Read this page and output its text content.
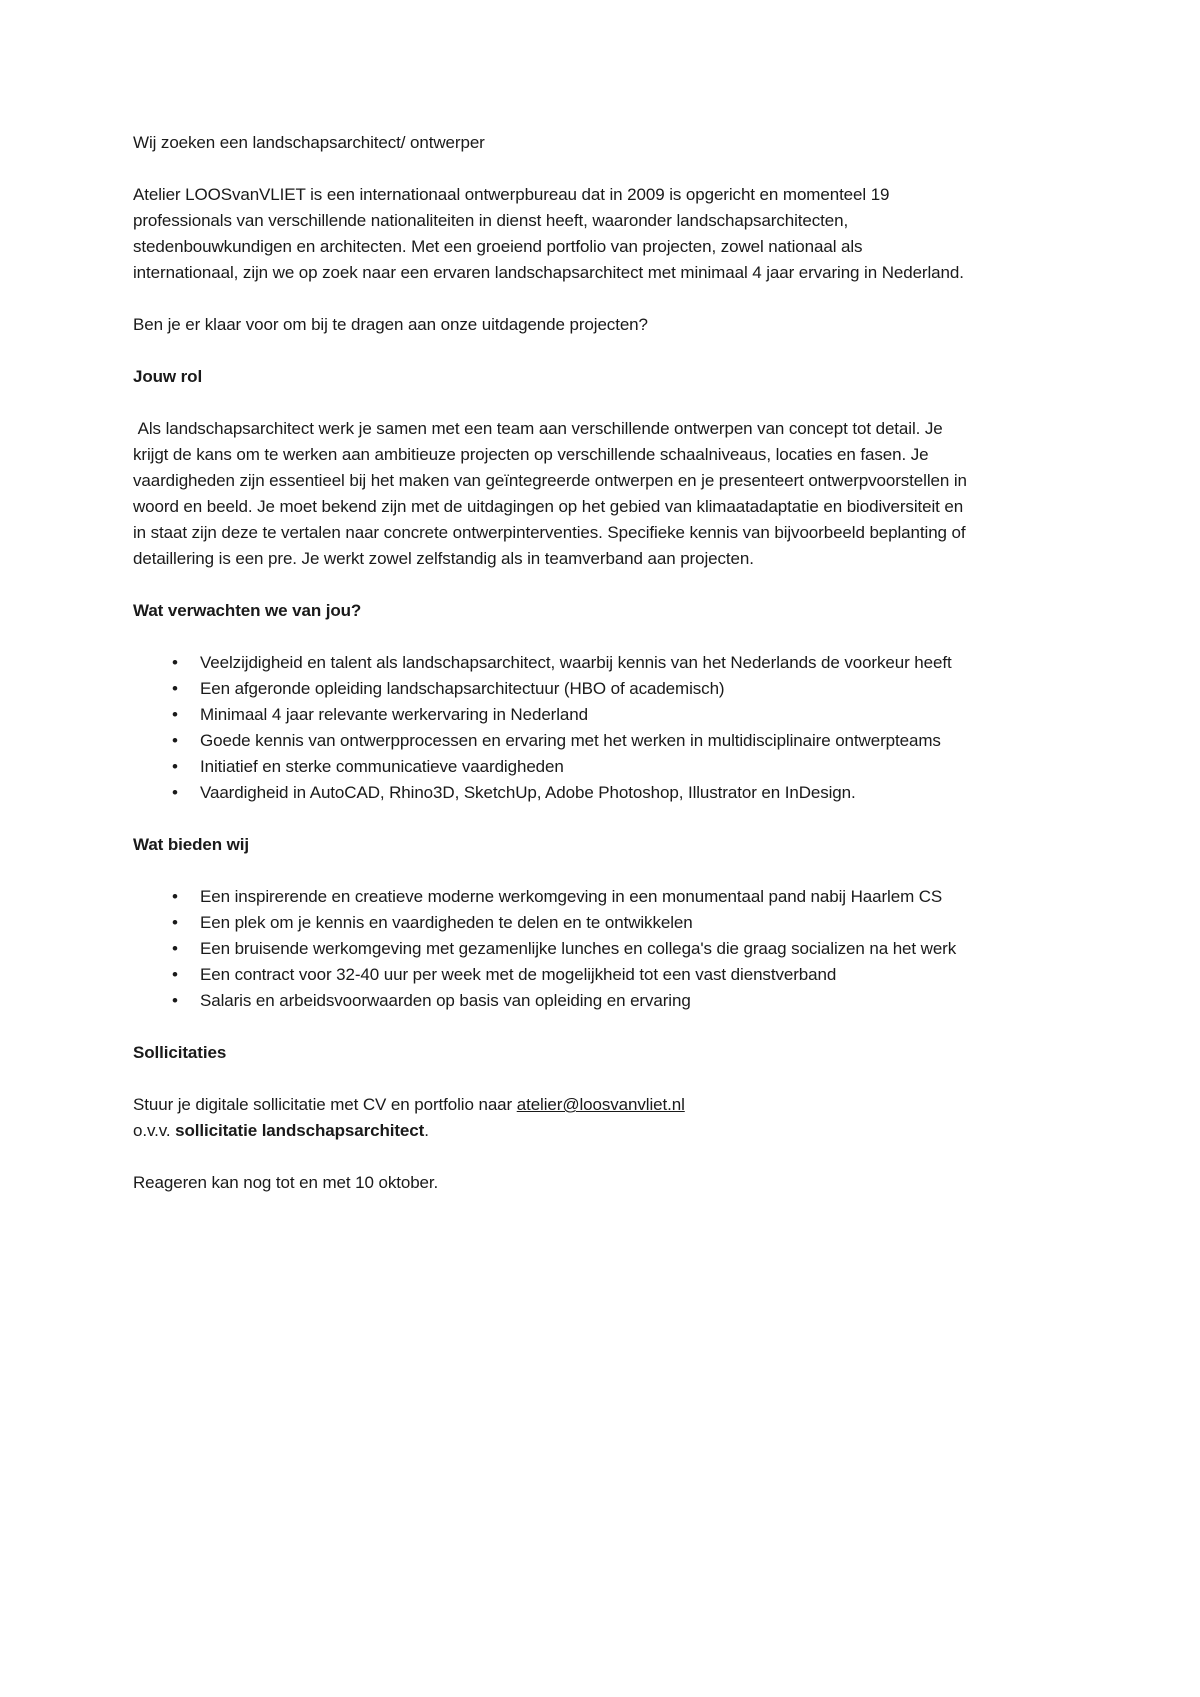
Wij zoeken een landschapsarchitect/ ontwerper

Atelier LOOSvanVLIET is een internationaal ontwerpbureau dat in 2009 is opgericht en momenteel 19 professionals van verschillende nationaliteiten in dienst heeft, waaronder landschapsarchitecten, stedenbouwkundigen en architecten. Met een groeiend portfolio van projecten, zowel nationaal als internationaal, zijn we op zoek naar een ervaren landschapsarchitect met minimaal 4 jaar ervaring in Nederland.

Ben je er klaar voor om bij te dragen aan onze uitdagende projecten?

Jouw rol

Als landschapsarchitect werk je samen met een team aan verschillende ontwerpen van concept tot detail. Je krijgt de kans om te werken aan ambitieuze projecten op verschillende schaalniveaus, locaties en fasen. Je vaardigheden zijn essentieel bij het maken van geïntegreerde ontwerpen en je presenteert ontwerpvoorstellen in woord en beeld. Je moet bekend zijn met de uitdagingen op het gebied van klimaatadaptatie en biodiversiteit en in staat zijn deze te vertalen naar concrete ontwerpinterventies. Specifieke kennis van bijvoorbeeld beplanting of detaillering is een pre. Je werkt zowel zelfstandig als in teamverband aan projecten.

Wat verwachten we van jou?
• Veelzijdigheid en talent als landschapsarchitect, waarbij kennis van het Nederlands de voorkeur heeft
• Een afgeronde opleiding landschapsarchitectuur (HBO of academisch)
• Minimaal 4 jaar relevante werkervaring in Nederland
• Goede kennis van ontwerpprocessen en ervaring met het werken in multidisciplinaire ontwerpteams
• Initiatief en sterke communicatieve vaardigheden
• Vaardigheid in AutoCAD, Rhino3D, SketchUp, Adobe Photoshop, Illustrator en InDesign.
Wat bieden wij
• Een inspirerende en creatieve moderne werkomgeving in een monumentaal pand nabij Haarlem CS
• Een plek om je kennis en vaardigheden te delen en te ontwikkelen
• Een bruisende werkomgeving met gezamenlijke lunches en collega's die graag socializen na het werk
• Een contract voor 32-40 uur per week met de mogelijkheid tot een vast dienstverband
• Salaris en arbeidsvoorwaarden op basis van opleiding en ervaring
Sollicitaties

Stuur je digitale sollicitatie met CV en portfolio naar atelier@loosvanvliet.nl
o.v.v. sollicitatie landschapsarchitect.

Reageren kan nog tot en met 10 oktober.
